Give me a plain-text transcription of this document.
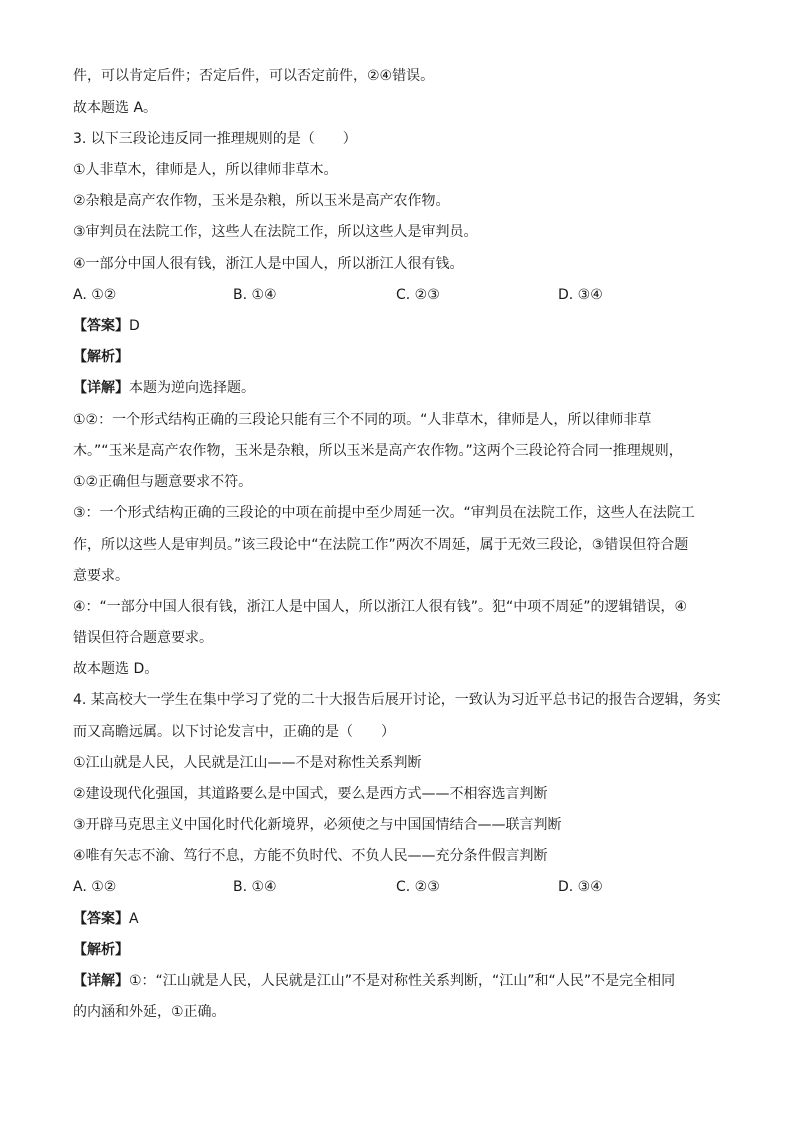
件，可以肯定后件；否定后件，可以否定前件，②④错误。
故本题选 A。
3. 以下三段论违反同一推理规则的是（　　）
①人非草木，律师是人，所以律师非草木。
②杂粮是高产农作物，玉米是杂粮，所以玉米是高产农作物。
③审判员在法院工作，这些人在法院工作，所以这些人是审判员。
④一部分中国人很有钱，浙江人是中国人，所以浙江人很有钱。
A. ①②	B. ①④	C. ②③	D. ③④
【答案】D
【解析】
【详解】本题为逆向选择题。
①②：一个形式结构正确的三段论只能有三个不同的项。“人非草木，律师是人，所以律师非草
木。”“玉米是高产农作物，玉米是杂粮，所以玉米是高产农作物。”这两个三段论符合同一推理规则，
①②正确但与题意要求不符。
③：一个形式结构正确的三段论的中项在前提中至少周延一次。“审判员在法院工作，这些人在法院工
作，所以这些人是审判员。”该三段论中“在法院工作”两次不周延，属于无效三段论，③错误但符合题
意要求。
④：“一部分中国人很有钱，浙江人是中国人，所以浙江人很有钱”。犯“中项不周延”的逻辑错误，④
错误但符合题意要求。
故本题选 D。
4. 某高校大一学生在集中学习了党的二十大报告后展开讨论，一致认为习近平总书记的报告合逻辑，务实
而又高瞻远属。以下讨论发言中，正确的是（　　）
①江山就是人民，人民就是江山——不是对称性关系判断
②建设现代化强国，其道路要么是中国式，要么是西方式——不相容选言判断
③开辟马克思主义中国化时代化新境界，必须使之与中国国情结合——联言判断
④唯有矢志不渝、笃行不息，方能不负时代、不负人民——充分条件假言判断
A. ①②	B. ①④	C. ②③	D. ③④
【答案】A
【解析】
【详解】①：“江山就是人民，人民就是江山”不是对称性关系判断，“江山”和“人民”不是完全相同
的内涵和外延，①正确。
